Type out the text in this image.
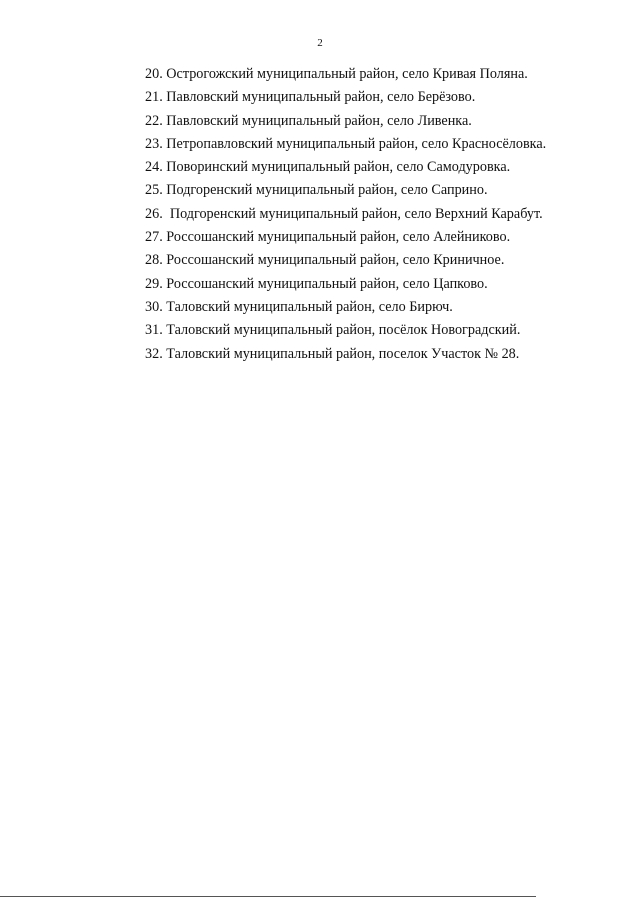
2
20. Острогожский муниципальный район, село Кривая Поляна.
21. Павловский муниципальный район, село Берёзово.
22. Павловский муниципальный район, село Ливенка.
23. Петропавловский муниципальный район, село Красносёловка.
24. Поворинский муниципальный район, село Самодуровка.
25. Подгоренский муниципальный район, село Саприно.
26.  Подгоренский муниципальный район, село Верхний Карабут.
27. Россошанский муниципальный район, село Алейниково.
28. Россошанский муниципальный район, село Криничное.
29. Россошанский муниципальный район, село Цапково.
30. Таловский муниципальный район, село Бирюч.
31. Таловский муниципальный район, посёлок Новоградский.
32. Таловский муниципальный район, поселок Участок № 28.
